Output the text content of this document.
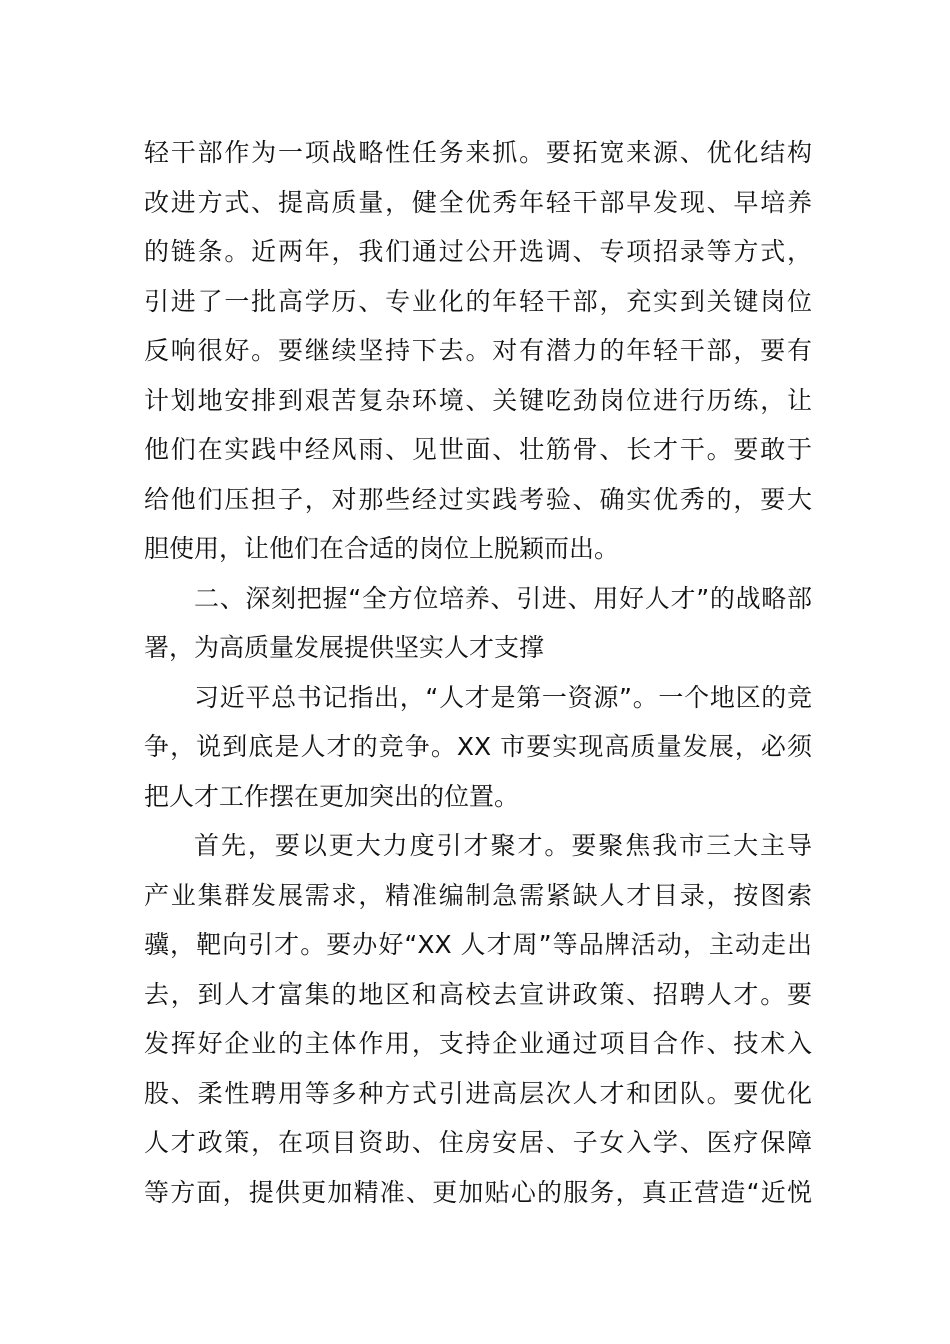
轻干部作为一项战略性任务来抓。要拓宽来源、优化结构
改进方式、提高质量，健全优秀年轻干部早发现、早培养
的链条。近两年，我们通过公开选调、专项招录等方式，
引进了一批高学历、专业化的年轻干部，充实到关键岗位
反响很好。要继续坚持下去。对有潜力的年轻干部，要有
计划地安排到艰苦复杂环境、关键吃劲岗位进行历练，让
他们在实践中经风雨、见世面、壮筋骨、长才干。要敢于
给他们压担子，对那些经过实践考验、确实优秀的，要大
胆使用，让他们在合适的岗位上脱颖而出。
二、深刻把握“全方位培养、引进、用好人才”的战略部
署，为高质量发展提供坚实人才支撑
习近平总书记指出，“人才是第一资源”。一个地区的竞
争，说到底是人才的竞争。XX 市要实现高质量发展，必须
把人才工作摆在更加突出的位置。
首先，要以更大力度引才聚才。要聚焦我市三大主导
产业集群发展需求，精准编制急需紧缺人才目录，按图索
骥，靶向引才。要办好“XX 人才周”等品牌活动，主动走出
去，到人才富集的地区和高校去宣讲政策、招聘人才。要
发挥好企业的主体作用，支持企业通过项目合作、技术入
股、柔性聘用等多种方式引进高层次人才和团队。要优化
人才政策，在项目资助、住房安居、子女入学、医疗保障
等方面，提供更加精准、更加贴心的服务，真正营造“近悦
